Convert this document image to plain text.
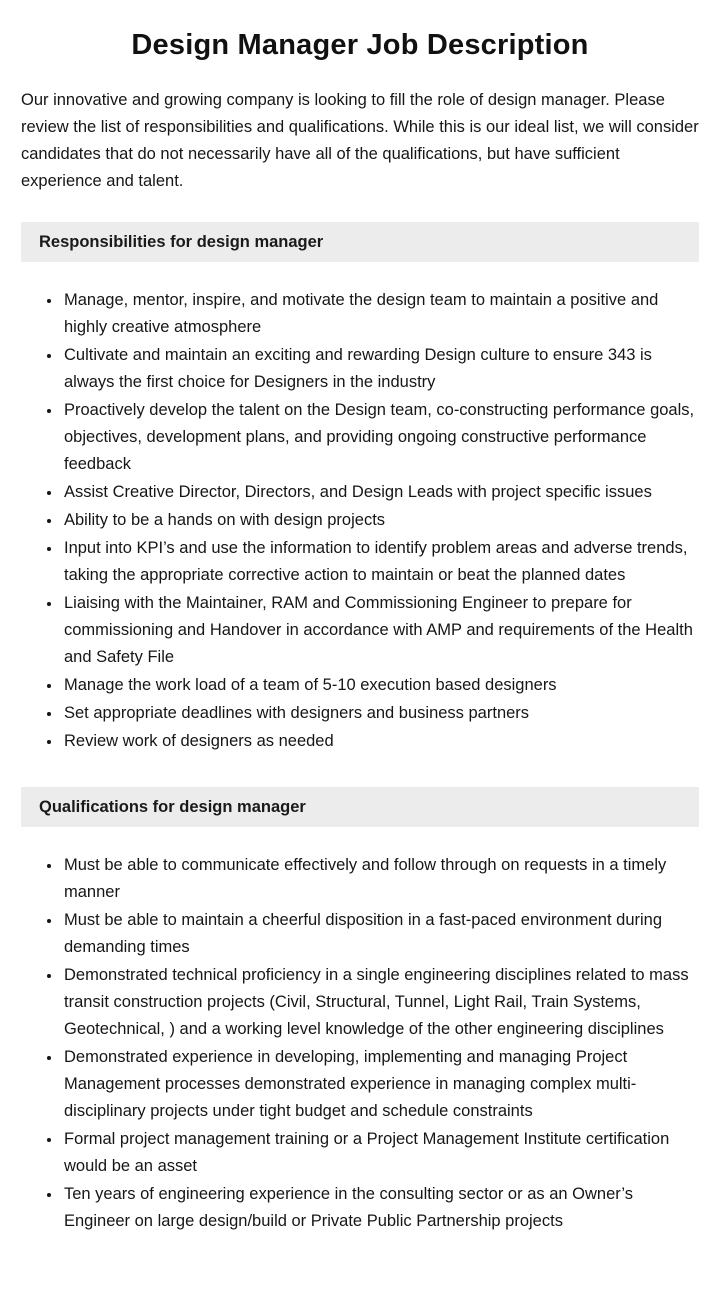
Design Manager Job Description

Our innovative and growing company is looking to fill the role of design manager. Please review the list of responsibilities and qualifications. While this is our ideal list, we will consider candidates that do not necessarily have all of the qualifications, but have sufficient experience and talent.

Responsibilities for design manager
• Manage, mentor, inspire, and motivate the design team to maintain a positive and highly creative atmosphere
• Cultivate and maintain an exciting and rewarding Design culture to ensure 343 is always the first choice for Designers in the industry
• Proactively develop the talent on the Design team, co-constructing performance goals, objectives, development plans, and providing ongoing constructive performance feedback
• Assist Creative Director, Directors, and Design Leads with project specific issues
• Ability to be a hands on with design projects
• Input into KPI’s and use the information to identify problem areas and adverse trends, taking the appropriate corrective action to maintain or beat the planned dates
• Liaising with the Maintainer, RAM and Commissioning Engineer to prepare for commissioning and Handover in accordance with AMP and requirements of the Health and Safety File
• Manage the work load of a team of 5-10 execution based designers
• Set appropriate deadlines with designers and business partners
• Review work of designers as needed
Qualifications for design manager
• Must be able to communicate effectively and follow through on requests in a timely manner
• Must be able to maintain a cheerful disposition in a fast-paced environment during demanding times
• Demonstrated technical proficiency in a single engineering disciplines related to mass transit construction projects (Civil, Structural, Tunnel, Light Rail, Train Systems, Geotechnical, ) and a working level knowledge of the other engineering disciplines
• Demonstrated experience in developing, implementing and managing Project Management processes demonstrated experience in managing complex multi-disciplinary projects under tight budget and schedule constraints
• Formal project management training or a Project Management Institute certification would be an asset
• Ten years of engineering experience in the consulting sector or as an Owner’s Engineer on large design/build or Private Public Partnership projects
